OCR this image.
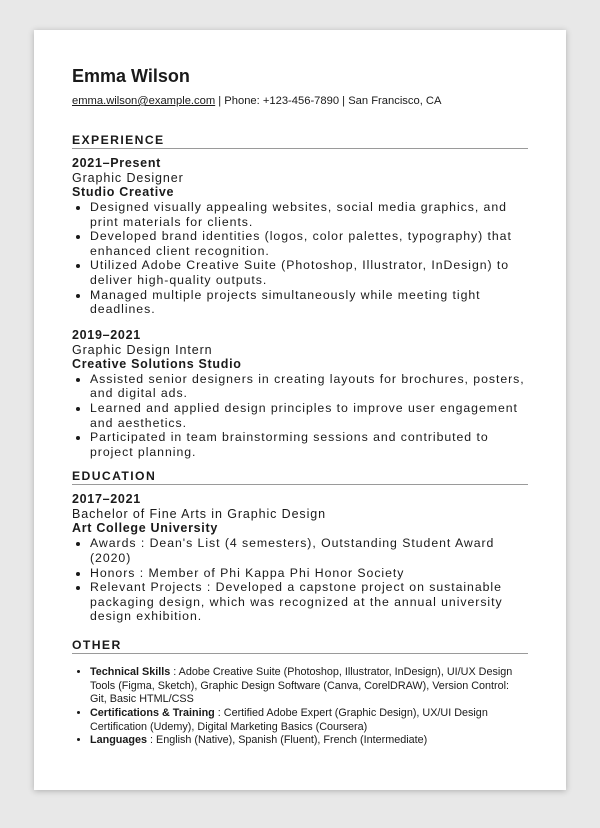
Emma Wilson
emma.wilson@example.com | Phone: +123-456-7890 | San Francisco, CA
EXPERIENCE
2021–Present
Graphic Designer
Studio Creative
• Designed visually appealing websites, social media graphics, and print materials for clients.
• Developed brand identities (logos, color palettes, typography) that enhanced client recognition.
• Utilized Adobe Creative Suite (Photoshop, Illustrator, InDesign) to deliver high-quality outputs.
• Managed multiple projects simultaneously while meeting tight deadlines.
2019–2021
Graphic Design Intern
Creative Solutions Studio
• Assisted senior designers in creating layouts for brochures, posters, and digital ads.
• Learned and applied design principles to improve user engagement and aesthetics.
• Participated in team brainstorming sessions and contributed to project planning.
EDUCATION
2017–2021
Bachelor of Fine Arts in Graphic Design
Art College University
• Awards : Dean's List (4 semesters), Outstanding Student Award (2020)
• Honors : Member of Phi Kappa Phi Honor Society
• Relevant Projects : Developed a capstone project on sustainable packaging design, which was recognized at the annual university design exhibition.
OTHER
• Technical Skills : Adobe Creative Suite (Photoshop, Illustrator, InDesign), UI/UX Design Tools (Figma, Sketch), Graphic Design Software (Canva, CorelDRAW), Version Control: Git, Basic HTML/CSS
• Certifications & Training : Certified Adobe Expert (Graphic Design), UX/UI Design Certification (Udemy), Digital Marketing Basics (Coursera)
• Languages : English (Native), Spanish (Fluent), French (Intermediate)
